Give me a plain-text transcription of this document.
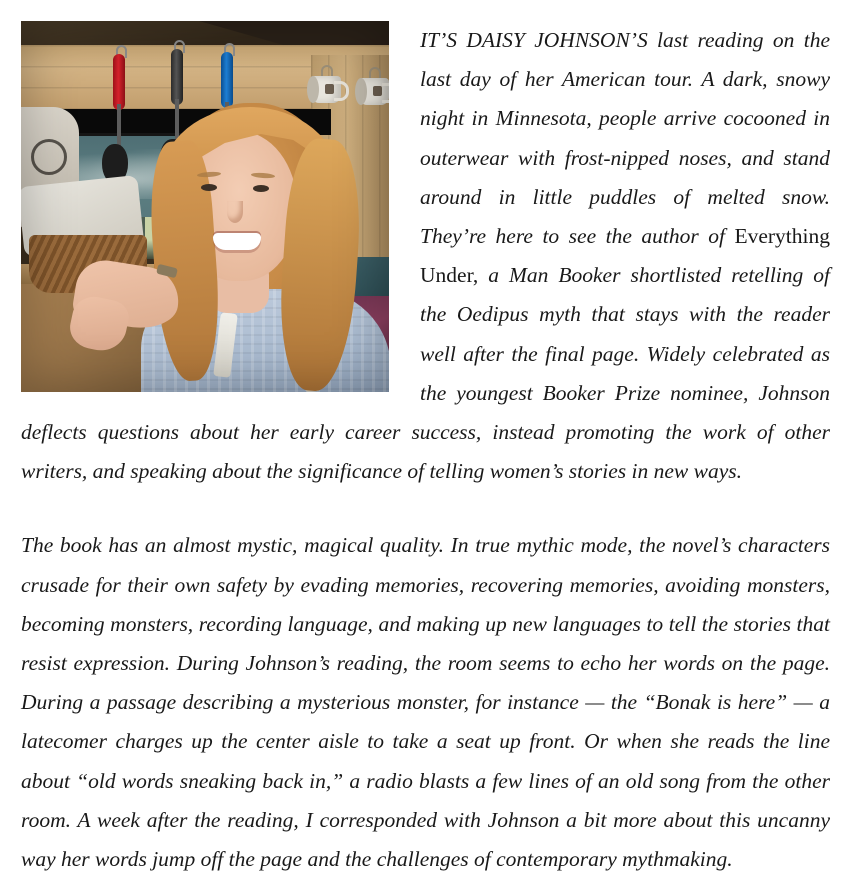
IT’S DAISY JOHNSON’S last reading on the last day of her American tour. A dark, snowy night in Minnesota, people arrive cocooned in outerwear with frost-nipped noses, and stand around in little puddles of melted snow. They’re here to see the author of Everything Under, a Man Booker shortlisted retelling of the Oedipus myth that stays with the reader well after the final page. Widely celebrated as the youngest Booker Prize nominee, Johnson deflects questions about her early career success, instead promoting the work of other writers, and speaking about the significance of telling women’s stories in new ways.

The book has an almost mystic, magical quality. In true mythic mode, the novel’s characters crusade for their own safety by evading memories, recovering memories, avoiding monsters, becoming monsters, recording language, and making up new languages to tell the stories that resist expression. During Johnson’s reading, the room seems to echo her words on the page. During a passage describing a mysterious monster, for instance — the “Bonak is here” — a latecomer charges up the center aisle to take a seat up front. Or when she reads the line about “old words sneaking back in,” a radio blasts a few lines of an old song from the other room. A week after the reading, I corresponded with Johnson a bit more about this uncanny way her words jump off the page and the challenges of contemporary mythmaking.
